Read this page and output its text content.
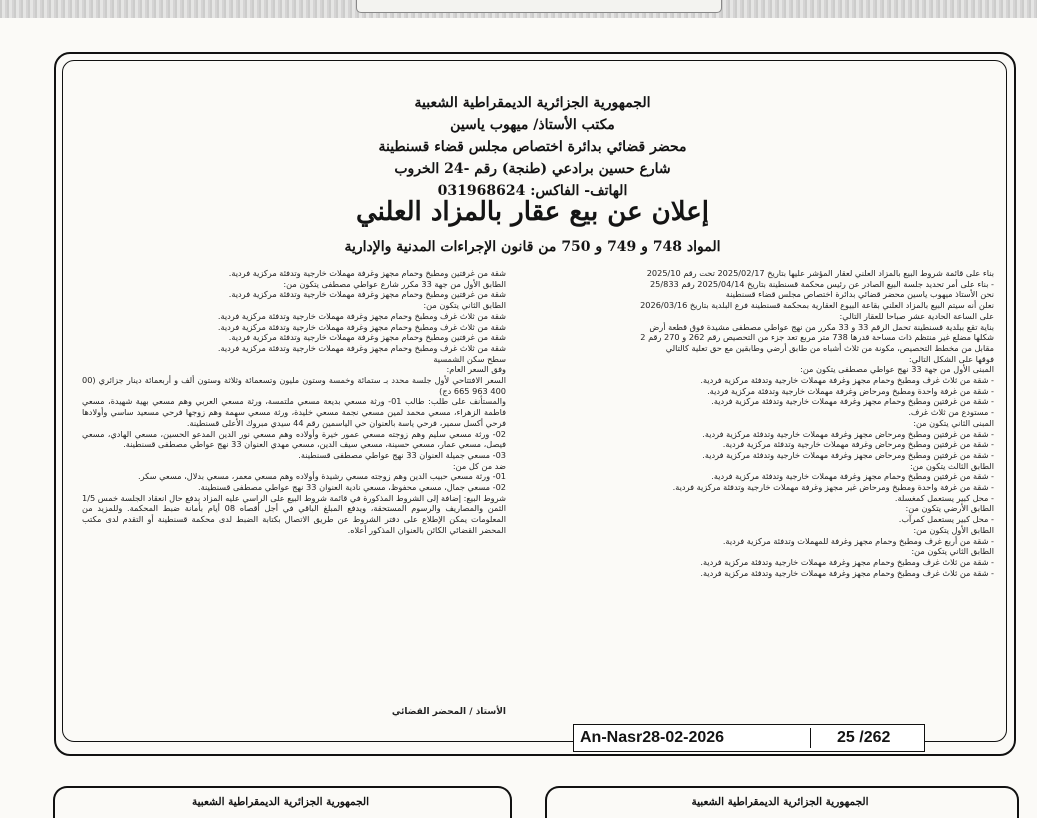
الجمهورية الجزائرية الديمقراطية الشعبية
مكتب الأستاذ/ ميهوب ياسين
محضر قضائي بدائرة اختصاص مجلس قضاء قسنطينة
شارع حسين برادعي (طنجة) رقم -24 الخروب
الهاتف- الفاكس: 031968624
إعلان عن بيع عقار بالمزاد العلني
المواد 748 و 749 و 750 من قانون الإجراءات المدنية والإدارية

بناء على قائمة شروط البيع بالمزاد العلني لعقار المؤشر عليها بتاريخ 2025/02/17 تحت رقم 2025/10

- بناء على أمر تحديد جلسة البيع الصادر عن رئيس محكمة قسنطينة بتاريخ 2025/04/14 رقم 25/833

نحن الأستاذ ميهوب ياسين محضر قضائي بدائرة اختصاص مجلس قضاء قسنطينة

نعلن أنه سيتم البيع بالمزاد العلني بقاعة البيوع العقارية بمحكمة قسنطينة فرع البلدية بتاريخ 2026/03/16

على الساعة الحادية عشر صباحا للعقار التالي:

بناية تقع ببلدية قسنطينة تحمل الرقم 33 و 33 مكرر من نهج عواطي مصطفى مشيدة فوق قطعة أرض

شكلها مضلع غير منتظم ذات مساحة قدرها 738 متر مربع تعد جزء من التحصيص رقم 262 و 270 رقم 2

مقابل من مخطط التحصيص، مكونة من ثلاث أشباه من طابق أرضي وطابقين مع حق تعلية كالتالي

فوقها على الشكل التالي:

المبنى الأول من جهة 33 نهج عواطي مصطفى يتكون من:

- شقة من ثلاث غرف ومطبخ وحمام مجهز وغرفة مهملات خارجية وتدفئة مركزية فردية.

- شقة من غرفة واحدة ومطبخ ومرحاض وغرفة مهملات خارجية وتدفئة مركزية فردية.

- شقة من غرفتين ومطبخ وحمام مجهز وغرفة مهملات خارجية وتدفئة مركزية فردية.

- مستودع من ثلاث غرف.

المبنى الثاني يتكون من:

- شقة من غرفتين ومطبخ ومرحاض مجهز وغرفة مهملات خارجية وتدفئة مركزية فردية.

- شقة من غرفتين ومطبخ ومرحاض وغرفة مهملات خارجية وتدفئة مركزية فردية.

- شقة من غرفتين ومطبخ ومرحاض مجهز وغرفة مهملات خارجية وتدفئة مركزية فردية.

الطابق الثالث يتكون من:

- شقة من غرفتين ومطبخ وحمام مجهز وغرفة مهملات خارجية وتدفئة مركزية فردية.

- شقة من غرفة واحدة ومطبخ ومرحاض غير مجهز وغرفة مهملات خارجية وتدفئة مركزية فردية.

- محل كبير يستعمل كمغسلة.

الطابق الأرضي يتكون من:

- محل كبير يستعمل كمرآب.

الطابق الأول يتكون من:

- شقة من أربع غرف ومطبخ وحمام مجهز وغرفة للمهملات وتدفئة مركزية فردية.

الطابق الثاني يتكون من:

- شقة من ثلاث غرف ومطبخ وحمام مجهز وغرفة مهملات خارجية وتدفئة مركزية فردية.

- شقة من ثلاث غرف ومطبخ وحمام مجهز وغرفة مهملات خارجية وتدفئة مركزية فردية.

شقة من غرفتين ومطبخ وحمام مجهز وغرفة مهملات خارجية وتدفئة مركزية فردية.

الطابق الأول من جهة 33 مكرر شارع عواطي مصطفى يتكون من:

شقة من غرفتين ومطبخ وحمام مجهز وغرفة مهملات خارجية وتدفئة مركزية فردية.

الطابق الثاني يتكون من:

شقة من ثلاث غرف ومطبخ وحمام مجهز وغرفة مهملات خارجية وتدفئة مركزية فردية.

شقة من ثلاث غرف ومطبخ وحمام مجهز وغرفة مهملات خارجية وتدفئة مركزية فردية.

شقة من غرفتين ومطبخ وحمام مجهز وغرفة مهملات خارجية وتدفئة مركزية فردية.

شقة من ثلاث غرف ومطبخ وحمام مجهز وغرفة مهملات خارجية وتدفئة مركزية فردية.

سطح سكن الشمسية

وفق السعر العام:

السعر الافتتاحي لأول جلسة محدد بـ ستمائة وخمسة وستون مليون وتسعمائة وثلاثة وستون ألف و أربعمائة دينار جزائري (00 400 963 665 دج)

والمستأنف على طلب: طالب 01- ورثة مسعي بديعة مسعي ملتمسة، ورثة مسعي العربي وهم مسعي بهية شهيدة، مسعي فاطمة الزهراء، مسعي محمد لمين مسعي نجمة مسعي خليدة، ورثة مسعي سهمة وهم زوجها فرحي مسعيد ساسي وأولادها فرحي أكسل سمير، فرحي ياسة بالعنوان حي الياسمين رقم 44 سيدي مبروك الأعلى قسنطينة.

02- ورثة مسعي سليم وهم زوجته مسعي عمور خيرة وأولاده وهم مسعي نور الدين المدعو الحسين، مسعي الهادي، مسعي فيصل، مسعي عمار، مسعي حسينة، مسعي سيف الدين، مسعي مهدي العنوان 33 نهج عواطي مصطفى قسنطينة.

03- مسعي جميلة العنوان 33 نهج عواطي مصطفى قسنطينة.

ضد من كل من:

01- ورثة مسعي حبيب الدين وهم زوجته مسعي رشيدة وأولاده وهم مسعي معمر، مسعي بدلال، مسعي سكر.

02- مسعي جمال، مسعي محفوظ، مسعي نادية العنوان 33 نهج عواطي مصطفى قسنطينة.

شروط البيع: إضافة إلى الشروط المذكورة في قائمة شروط البيع على الراسي عليه المزاد بدفع حال انعقاد الجلسة خمس 1/5 الثمن والمصاريف والرسوم المستحقة، ويدفع المبلغ الباقي في أجل أقصاه 08 أيام بأمانة ضبط المحكمة. وللمزيد من المعلومات يمكن الإطلاع على دفتر الشروط عن طريق الاتصال بكتابة الضبط لدى محكمة قسنطينة أو التقدم لدى مكتب المحضر القضائي الكائن بالعنوان المذكور أعلاه.

الأستاذ / المحضر القضائي
An-Nasr28-02-2026	25 /262
الجمهورية الجزائرية الديمقراطية الشعبية	الجمهورية الجزائرية الديمقراطية الشعبية
